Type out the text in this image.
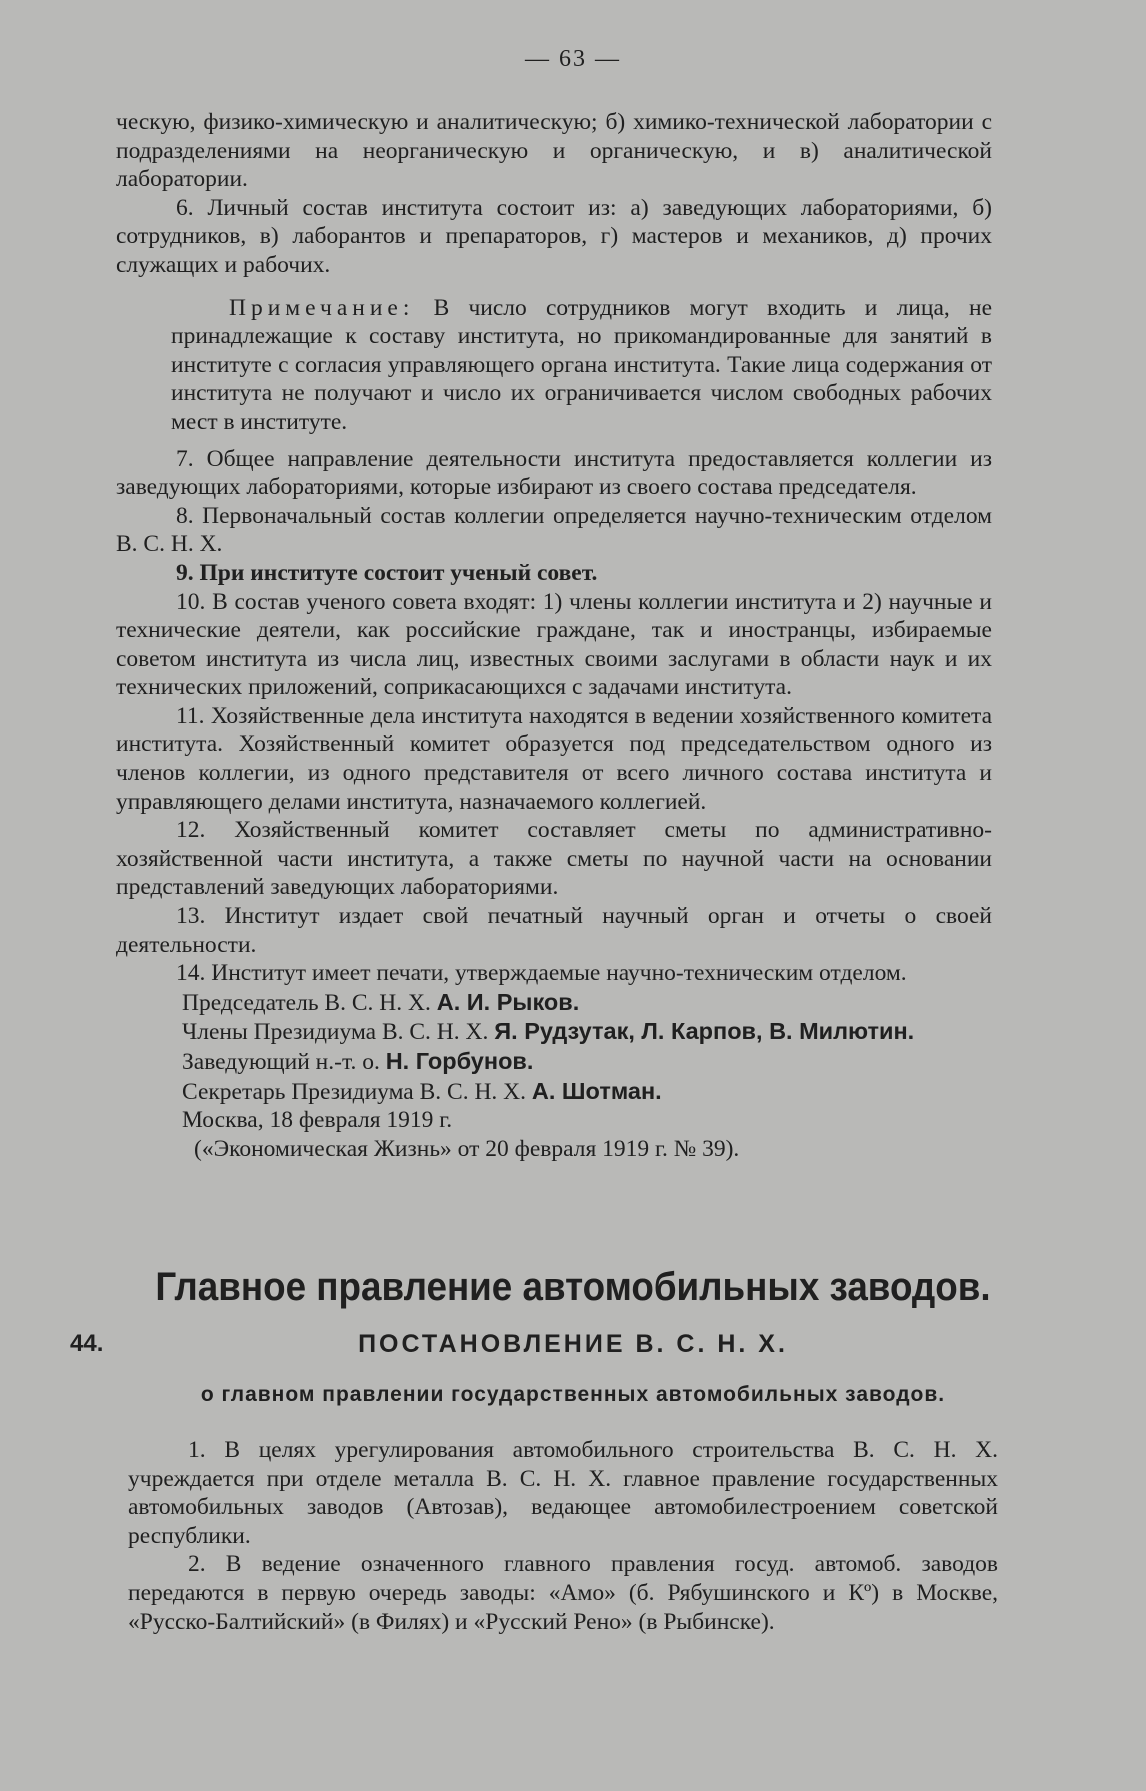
— 63 —

ческую, физико-химическую и аналитическую; б) химико-технической лаборатории с подразделениями на неорганическую и органическую, и в) аналитической лаборатории.

6. Личный состав института состоит из: а) заведующих лабораториями, б) сотрудников, в) лаборантов и препараторов, г) мастеров и механиков, д) прочих служащих и рабочих.

Примечание: В число сотрудников могут входить и лица, не принадлежащие к составу института, но прикомандированные для занятий в институте с согласия управляющего органа института. Такие лица содержания от института не получают и число их ограничивается числом свободных рабочих мест в институте.

7. Общее направление деятельности института предоставляется коллегии из заведующих лабораториями, которые избирают из своего состава председателя.

8. Первоначальный состав коллегии определяется научно-техническим отделом В. С. Н. Х.

9. При институте состоит ученый совет.

10. В состав ученого совета входят: 1) члены коллегии института и 2) научные и технические деятели, как российские граждане, так и иностранцы, избираемые советом института из числа лиц, известных своими заслугами в области наук и их технических приложений, соприкасающихся с задачами института.

11. Хозяйственные дела института находятся в ведении хозяйственного комитета института. Хозяйственный комитет образуется под председательством одного из членов коллегии, из одного представителя от всего личного состава института и управляющего делами института, назначаемого коллегией.

12. Хозяйственный комитет составляет сметы по административно-хозяйственной части института, а также сметы по научной части на основании представлений заведующих лабораториями.

13. Институт издает свой печатный научный орган и отчеты о своей деятельности.

14. Институт имеет печати, утверждаемые научно-техническим отделом.

Председатель В. С. Н. Х. А. И. Рыков.
Члены Президиума В. С. Н. Х. Я. Рудзутак, Л. Карпов, В. Милютин.
Заведующий н.-т. о. Н. Горбунов.
Секретарь Президиума В. С. Н. Х. А. Шотман.
Москва, 18 февраля 1919 г.
(«Экономическая Жизнь» от 20 февраля 1919 г. № 39).
Главное правление автомобильных заводов.
44.	ПОСТАНОВЛЕНИЕ В. С. Н. Х.
о главном правлении государственных автомобильных заводов.

1. В целях урегулирования автомобильного строительства В. С. Н. Х. учреждается при отделе металла В. С. Н. Х. главное правление государственных автомобильных заводов (Автозав), ведающее автомобилестроением советской республики.

2. В ведение означенного главного правления госуд. автомоб. заводов передаются в первую очередь заводы: «Амо» (б. Рябушинского и Кº) в Москве, «Русско-Балтийский» (в Филях) и «Русский Рено» (в Рыбинске).
